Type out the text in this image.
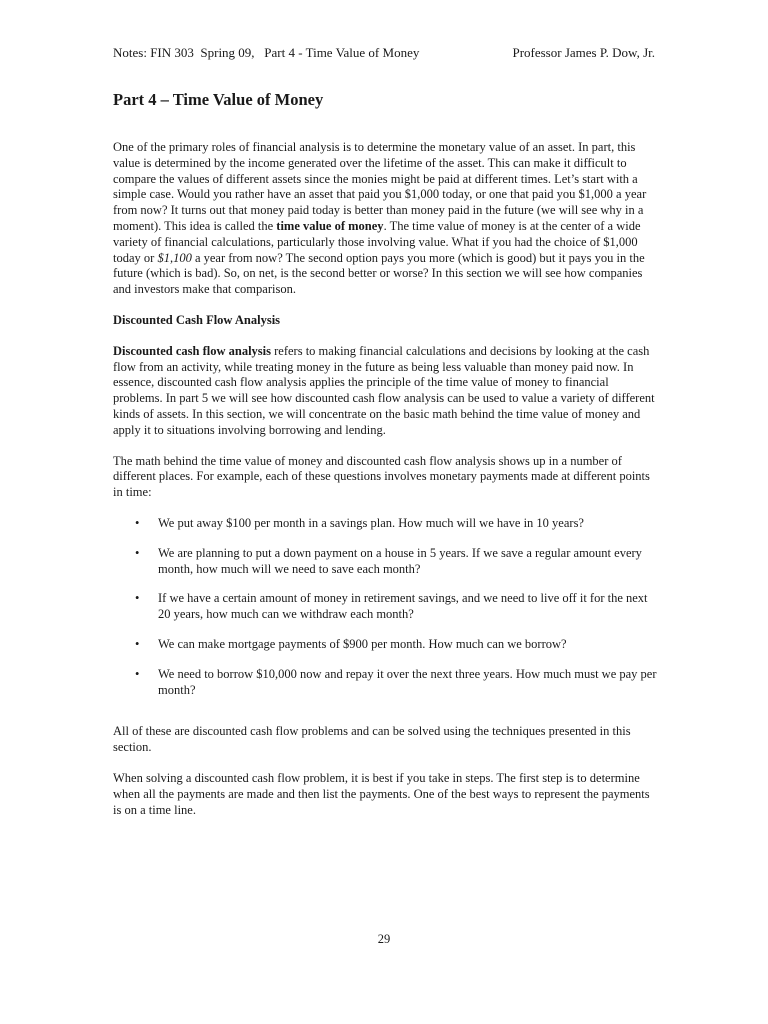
Notes: FIN 303  Spring 09,   Part 4 - Time Value of Money	Professor James P. Dow, Jr.
Part 4 – Time Value of Money

One of the primary roles of financial analysis is to determine the monetary value of an asset. In part, this value is determined by the income generated over the lifetime of the asset. This can make it difficult to compare the values of different assets since the monies might be paid at different times. Let’s start with a simple case. Would you rather have an asset that paid you $1,000 today, or one that paid you $1,000 a year from now? It turns out that money paid today is better than money paid in the future (we will see why in a moment). This idea is called the time value of money. The time value of money is at the center of a wide variety of financial calculations, particularly those involving value. What if you had the choice of $1,000 today or $1,100 a year from now? The second option pays you more (which is good) but it pays you in the future (which is bad). So, on net, is the second better or worse? In this section we will see how companies and investors make that comparison.

Discounted Cash Flow Analysis

Discounted cash flow analysis refers to making financial calculations and decisions by looking at the cash flow from an activity, while treating money in the future as being less valuable than money paid now. In essence, discounted cash flow analysis applies the principle of the time value of money to financial problems. In part 5 we will see how discounted cash flow analysis can be used to value a variety of different kinds of assets. In this section, we will concentrate on the basic math behind the time value of money and apply it to situations involving borrowing and lending.

The math behind the time value of money and discounted cash flow analysis shows up in a number of different places. For example, each of these questions involves monetary payments made at different points in time:

• We put away $100 per month in a savings plan. How much will we have in 10 years?
• We are planning to put a down payment on a house in 5 years. If we save a regular amount every month, how much will we need to save each month?
• If we have a certain amount of money in retirement savings, and we need to live off it for the next 20 years, how much can we withdraw each month?
• We can make mortgage payments of $900 per month. How much can we borrow?
• We need to borrow $10,000 now and repay it over the next three years. How much must we pay per month?

All of these are discounted cash flow problems and can be solved using the techniques presented in this section.

When solving a discounted cash flow problem, it is best if you take in steps. The first step is to determine when all the payments are made and then list the payments. One of the best ways to represent the payments is on a time line.

29
